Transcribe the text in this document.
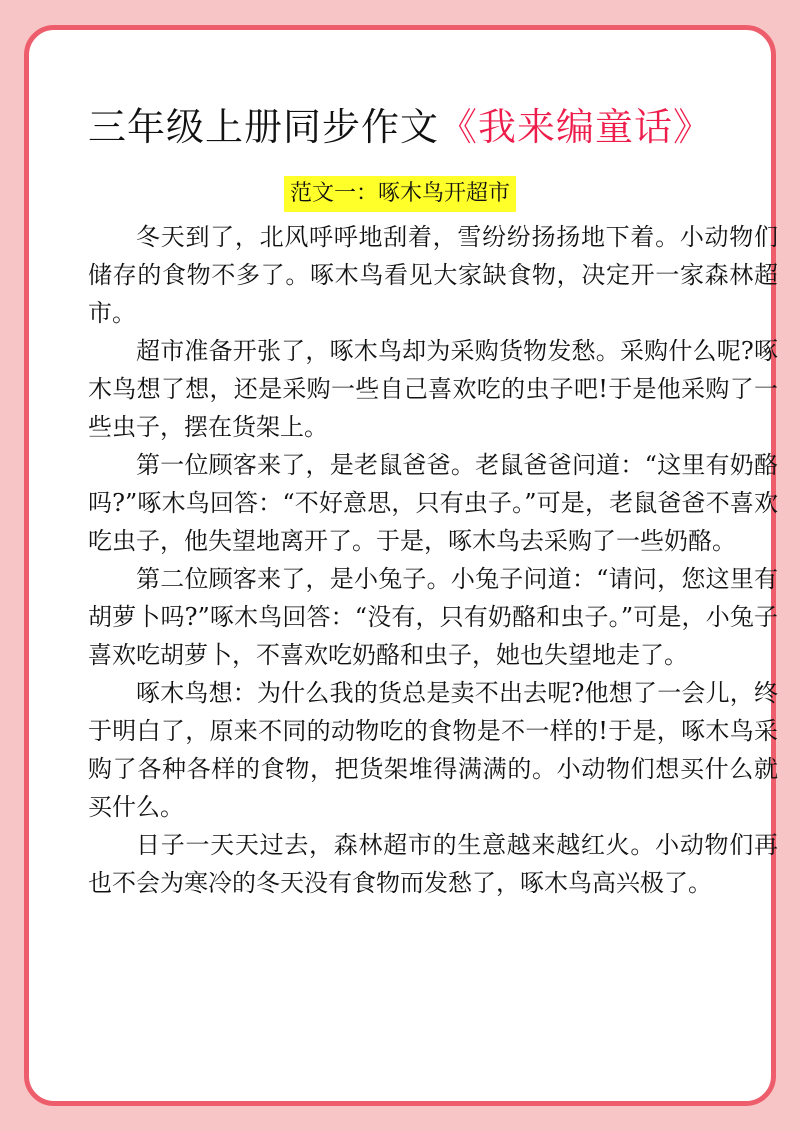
三年级上册同步作文《我来编童话》
范文一：啄木鸟开超市

冬天到了，北风呼呼地刮着，雪纷纷扬扬地下着。小动物们储存的食物不多了。啄木鸟看见大家缺食物，决定开一家森林超市。

超市准备开张了，啄木鸟却为采购货物发愁。采购什么呢?啄木鸟想了想，还是采购一些自己喜欢吃的虫子吧!于是他采购了一些虫子，摆在货架上。

第一位顾客来了，是老鼠爸爸。老鼠爸爸问道：“这里有奶酪吗?”啄木鸟回答：“不好意思，只有虫子。”可是，老鼠爸爸不喜欢吃虫子，他失望地离开了。于是，啄木鸟去采购了一些奶酪。

第二位顾客来了，是小兔子。小兔子问道：“请问，您这里有胡萝卜吗?”啄木鸟回答：“没有，只有奶酪和虫子。”可是，小兔子喜欢吃胡萝卜，不喜欢吃奶酪和虫子，她也失望地走了。

啄木鸟想：为什么我的货总是卖不出去呢?他想了一会儿，终于明白了，原来不同的动物吃的食物是不一样的!于是，啄木鸟采购了各种各样的食物，把货架堆得满满的。小动物们想买什么就买什么。

日子一天天过去，森林超市的生意越来越红火。小动物们再也不会为寒冷的冬天没有食物而发愁了，啄木鸟高兴极了。
